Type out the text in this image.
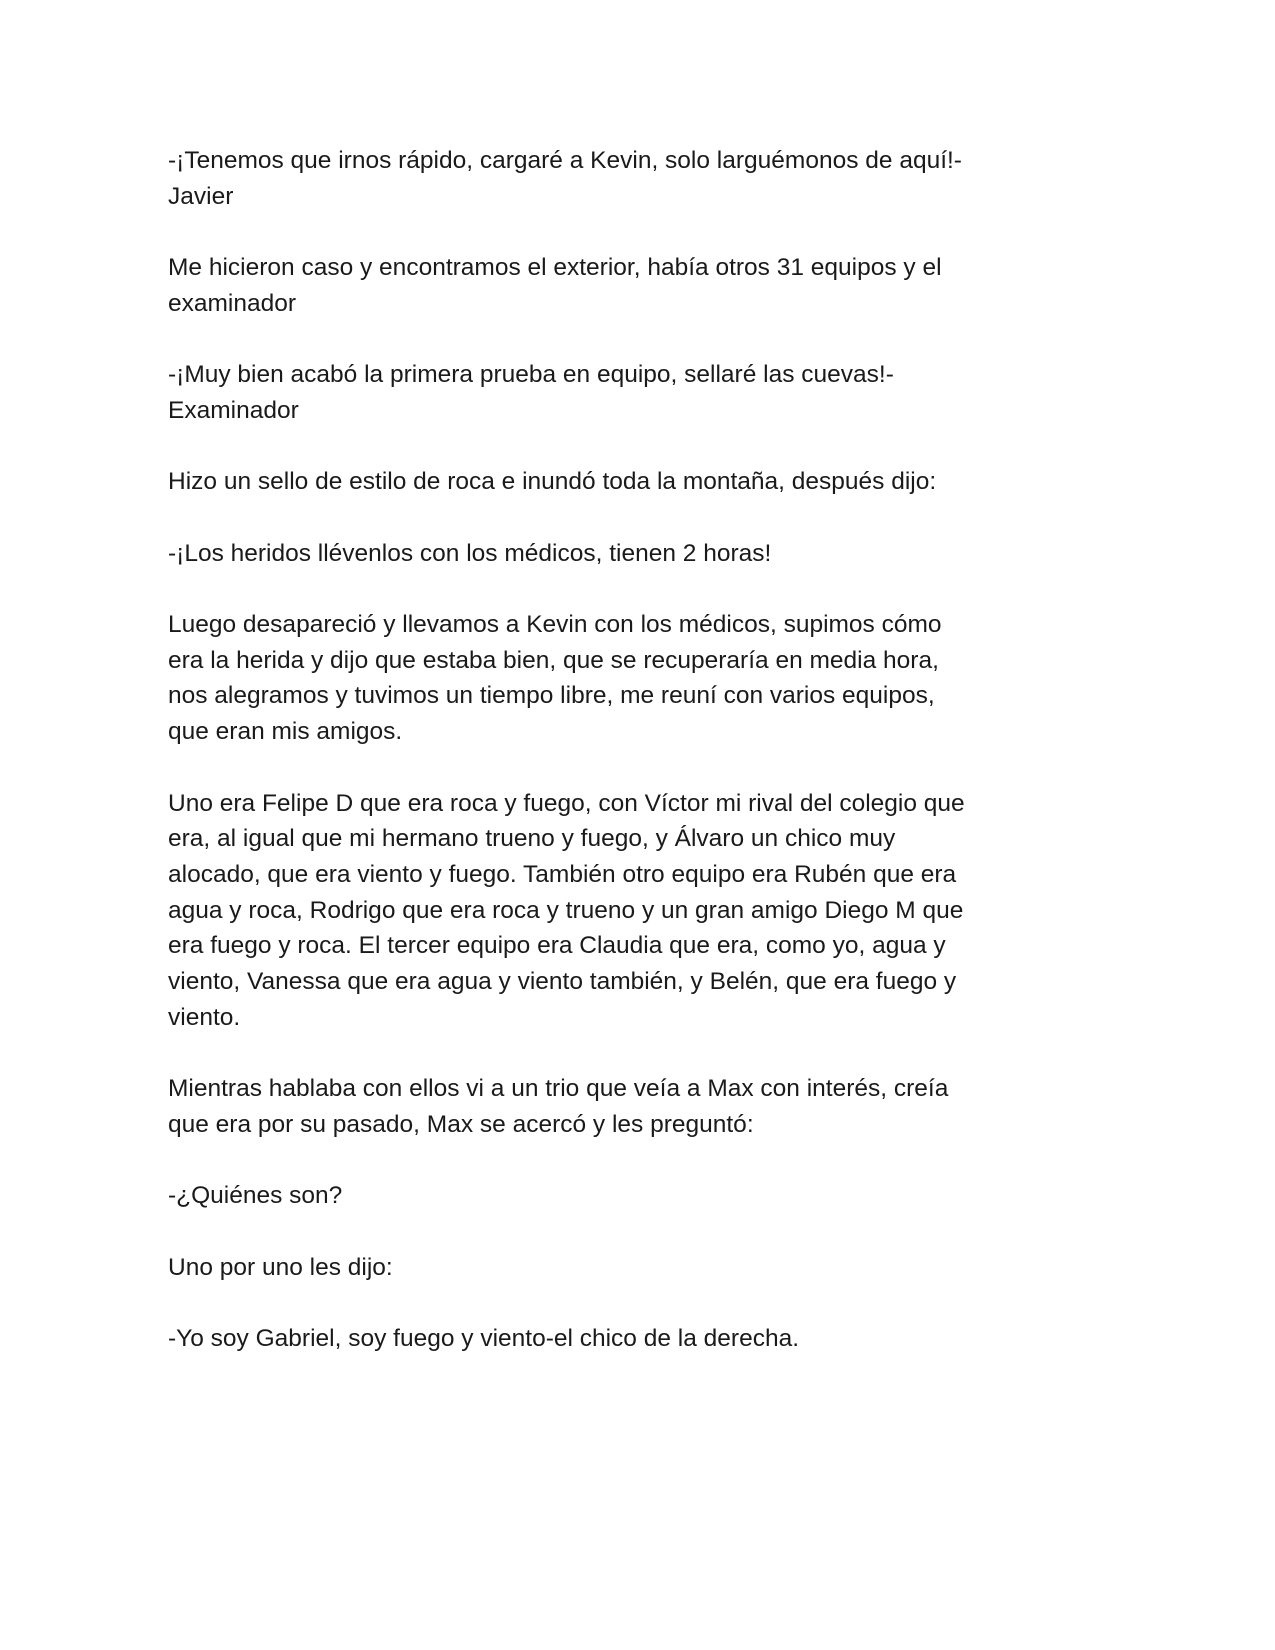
-¡Tenemos que irnos rápido, cargaré a Kevin, solo larguémonos de aquí!-
Javier

Me hicieron caso y encontramos el exterior, había otros 31 equipos y el
examinador

-¡Muy bien acabó la primera prueba en equipo, sellaré las cuevas!-
Examinador

Hizo un sello de estilo de roca e inundó toda la montaña, después dijo:

-¡Los heridos llévenlos con los médicos, tienen 2 horas!

Luego desapareció y llevamos a Kevin con los médicos, supimos cómo
era la herida y dijo que estaba bien, que se recuperaría en media hora,
nos alegramos y tuvimos un tiempo libre, me reuní con varios equipos,
que eran mis amigos.

Uno era Felipe D que era roca y fuego, con Víctor mi rival del colegio que
era, al igual que mi hermano trueno y fuego, y Álvaro un chico muy
alocado, que era viento y fuego. También otro equipo era Rubén que era
agua y roca, Rodrigo que era roca y trueno y un gran amigo Diego M que
era fuego y roca. El tercer equipo era Claudia que era, como yo, agua y
viento, Vanessa que era agua y viento también, y Belén, que era fuego y
viento.

Mientras hablaba con ellos vi a un trio que veía a Max con interés, creía
que era por su pasado, Max se acercó y les preguntó:

-¿Quiénes son?

Uno por uno les dijo:

-Yo soy Gabriel, soy fuego y viento-el chico de la derecha.
